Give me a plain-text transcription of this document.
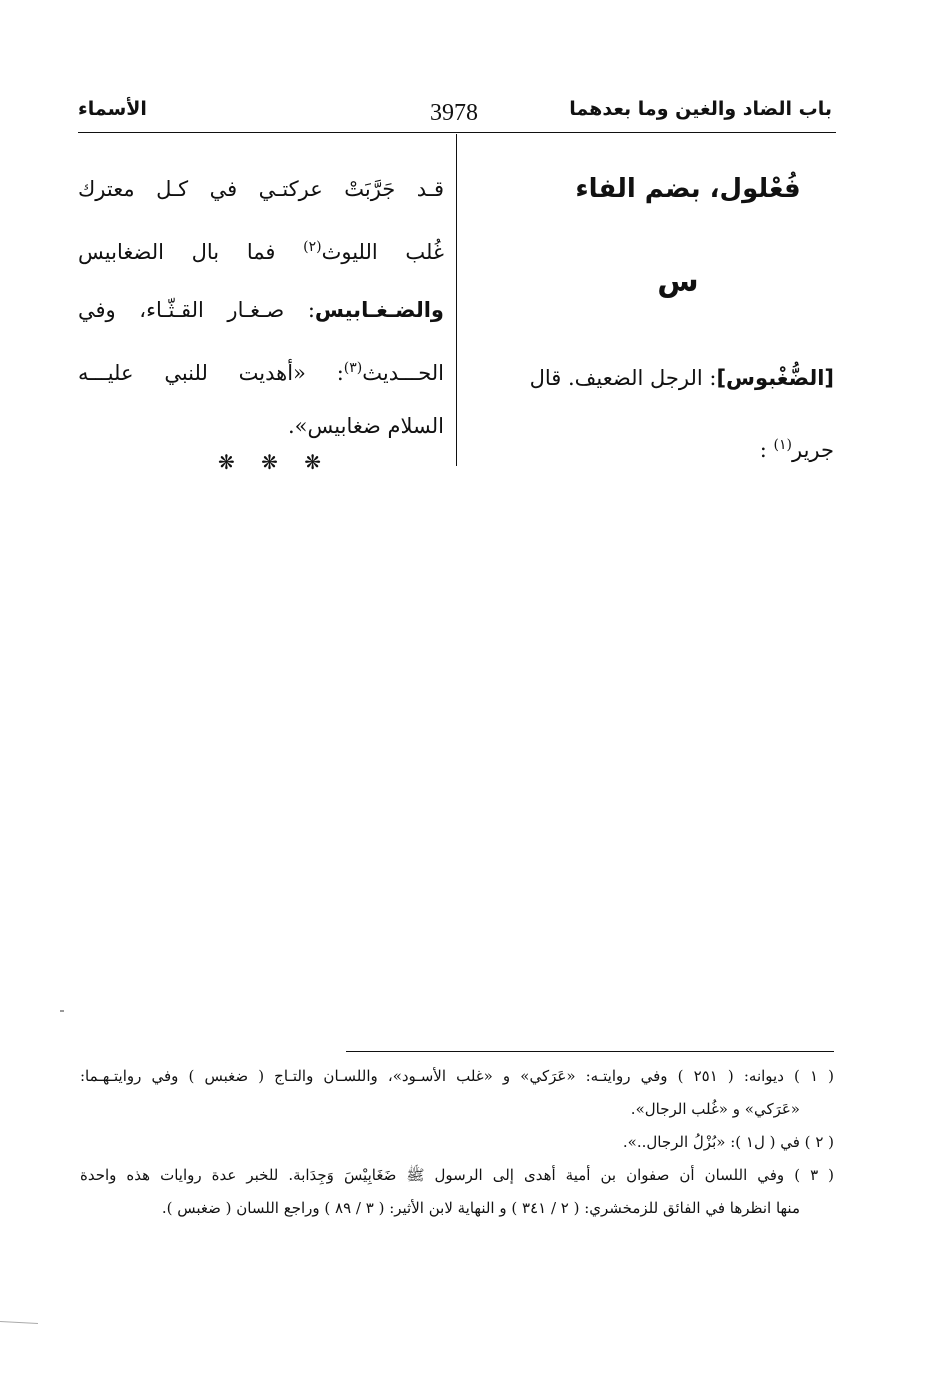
باب الضاد والغين وما بعدهما
3978
الأسماء
فُعْلول، بضم الفاء
س
[الضُّغْبوس]: الرجل الضعيف. قال
جرير$^{(١)}$ :
قـد جَرَّبَتْ عركتـي في كـل معترك
غُلب الليوث$^{(٢)}$ فما بال الضغابيس
والضـغـابيس: صـغـار القـثّـاء، وفي
الحـــديث$^{(٣)}$: «أهديت للنبي عليـــه
السلام ضغابيس».
❋ ❋ ❋
( ١ ) ديوانه: ( ٢٥١ ) وفي روايتـه: «عَرَكي» و «غلب الأسـود»، واللسـان والتـاج ( ضغبس ) وفي روايتـهـما:
«عَرَكي» و «غُلب الرجال».
( ٢ ) في ( ل١ ): «بُزْلُ الرجال..».
( ٣ ) وفي اللسان أن صفوان بن أمية أهدى إلى الرسول ﷺ ضَغَابِيْسَ وَجِدَابة. للخبر عدة روايات هذه واحدة
منها انظرها في الفائق للزمخشري: ( ٢ / ٣٤١ ) و النهاية لابن الأثير: ( ٣ / ٨٩ ) وراجع اللسان ( ضغبس ).
